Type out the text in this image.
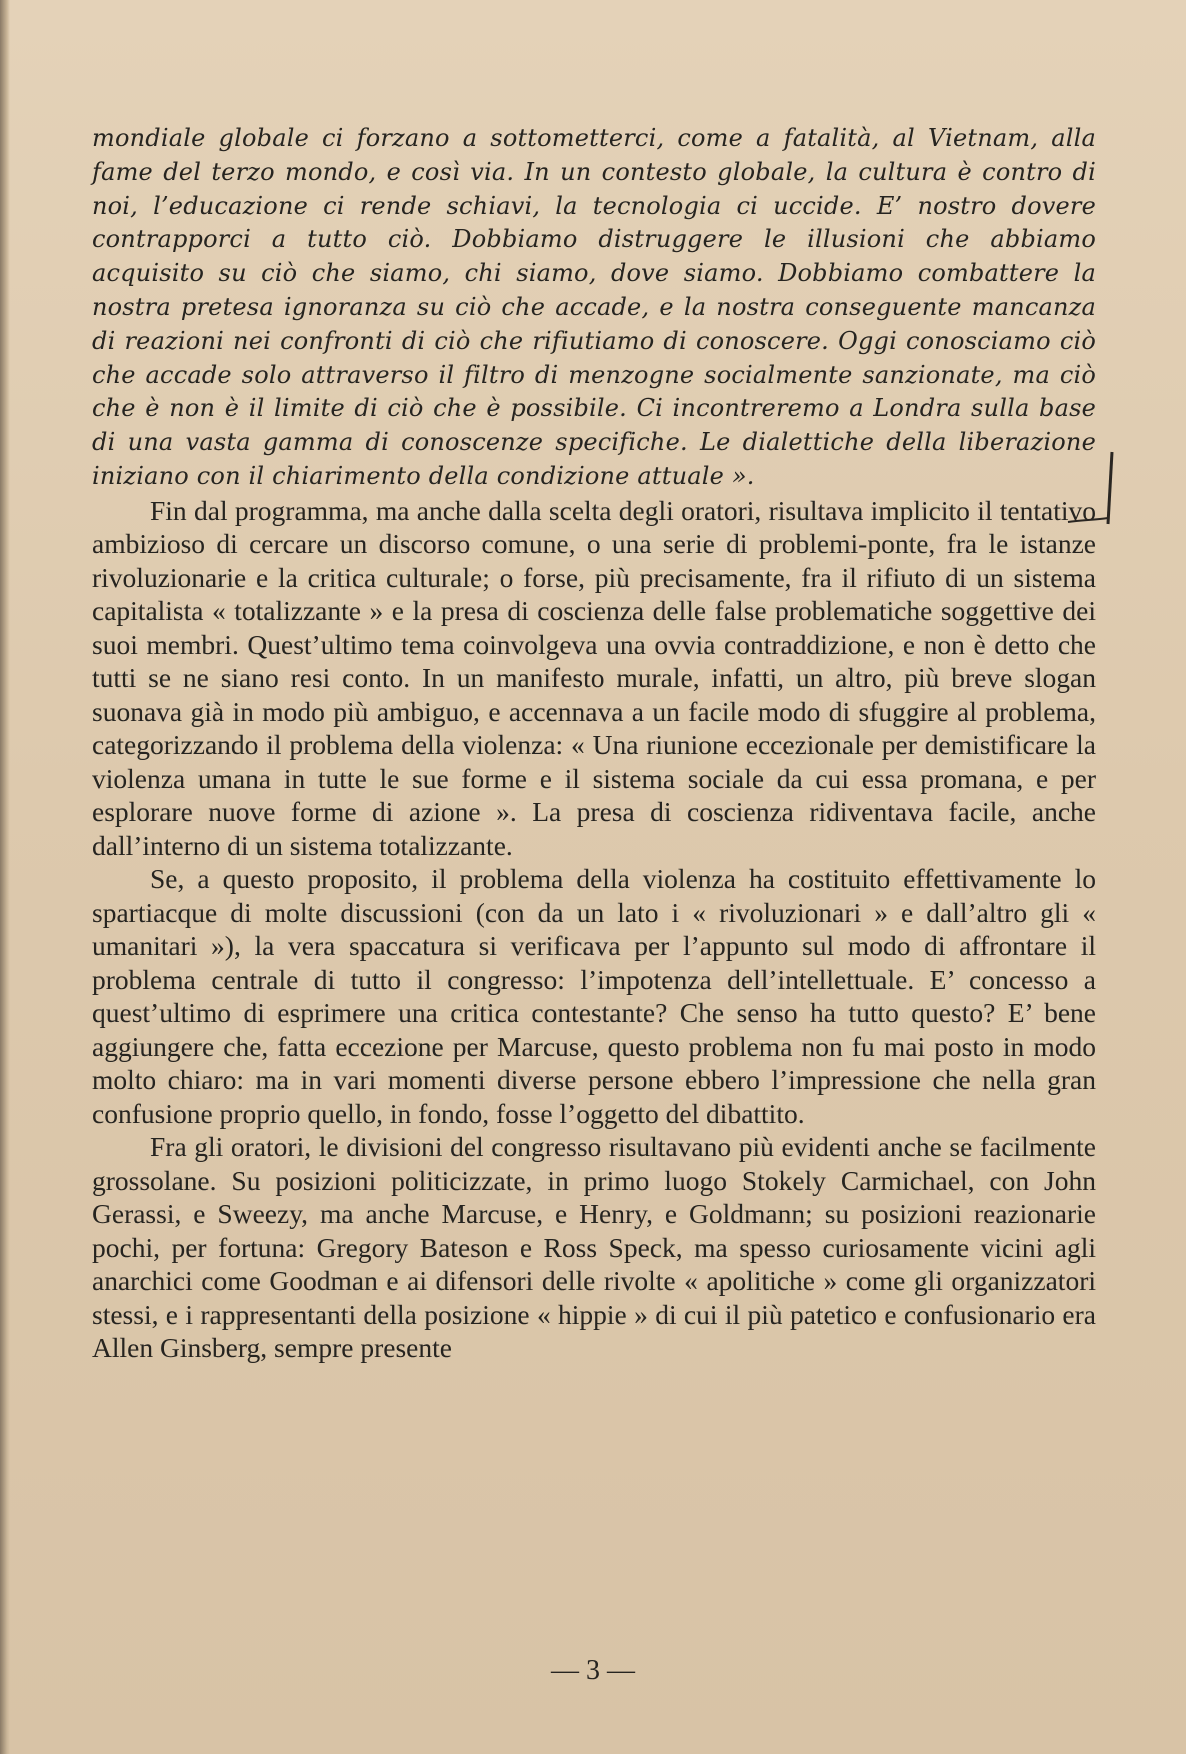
mondiale globale ci forzano a sottometterci, come a fatalità, al Vietnam, alla fame del terzo mondo, e così via. In un contesto globale, la cultura è contro di noi, l’educazione ci rende schiavi, la tecnologia ci uccide. E’ nostro dovere contrapporci a tutto ciò. Dobbiamo distruggere le illusioni che abbiamo acquisito su ciò che siamo, chi siamo, dove siamo. Dobbiamo combattere la nostra pretesa ignoranza su ciò che accade, e la nostra conseguente mancanza di reazioni nei confronti di ciò che rifiutiamo di conoscere. Oggi conosciamo ciò che accade solo attraverso il filtro di menzogne socialmente sanzionate, ma ciò che è non è il limite di ciò che è possibile. Ci incontreremo a Londra sulla base di una vasta gamma di conoscenze specifiche. Le dialettiche della liberazione iniziano con il chiarimento della condizione attuale ».

Fin dal programma, ma anche dalla scelta degli oratori, risultava implicito il tentativo ambizioso di cercare un discorso comune, o una serie di problemi-ponte, fra le istanze rivoluzionarie e la critica culturale; o forse, più precisamente, fra il rifiuto di un sistema capitalista « totalizzante » e la presa di coscienza delle false problematiche soggettive dei suoi membri. Quest’ultimo tema coinvolgeva una ovvia contraddizione, e non è detto che tutti se ne siano resi conto. In un manifesto murale, infatti, un altro, più breve slogan suonava già in modo più ambiguo, e accennava a un facile modo di sfuggire al problema, categorizzando il problema della violenza: « Una riunione eccezionale per demistificare la violenza umana in tutte le sue forme e il sistema sociale da cui essa promana, e per esplorare nuove forme di azione ». La presa di coscienza ridiventava facile, anche dall’interno di un sistema totalizzante.

Se, a questo proposito, il problema della violenza ha costituito effettivamente lo spartiacque di molte discussioni (con da un lato i « rivoluzionari » e dall’altro gli « umanitari »), la vera spaccatura si verificava per l’appunto sul modo di affrontare il problema centrale di tutto il congresso: l’impotenza dell’intellettuale. E’ concesso a quest’ultimo di esprimere una critica contestante? Che senso ha tutto questo? E’ bene aggiungere che, fatta eccezione per Marcuse, questo problema non fu mai posto in modo molto chiaro: ma in vari momenti diverse persone ebbero l’impressione che nella gran confusione proprio quello, in fondo, fosse l’oggetto del dibattito.

Fra gli oratori, le divisioni del congresso risultavano più evidenti anche se facilmente grossolane. Su posizioni politicizzate, in primo luogo Stokely Carmichael, con John Gerassi, e Sweezy, ma anche Marcuse, e Henry, e Goldmann; su posizioni reazionarie pochi, per fortuna: Gregory Bateson e Ross Speck, ma spesso curiosamente vicini agli anarchici come Goodman e ai difensori delle rivolte « apolitiche » come gli organizzatori stessi, e i rappresentanti della posizione « hippie » di cui il più patetico e confusionario era Allen Ginsberg, sempre presente

— 3 —
